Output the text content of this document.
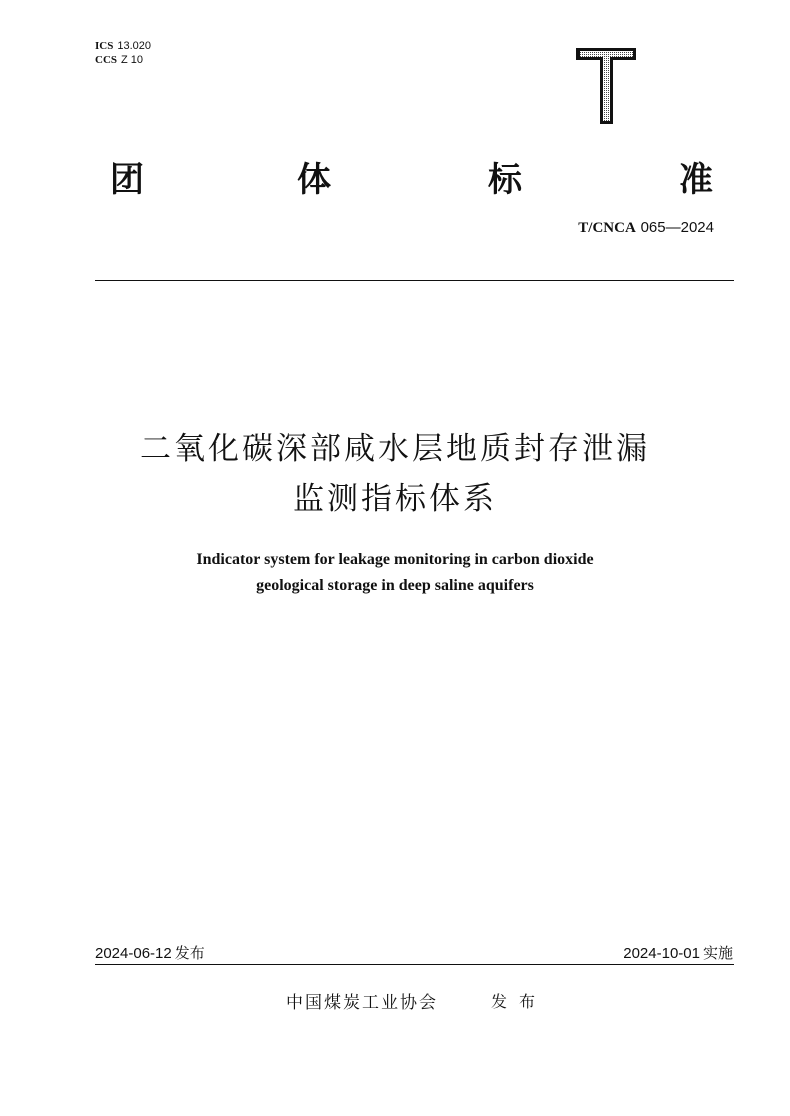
ICS 13.020
CCS Z 10
团	体	标	准
T/CNCA 065—2024
二氧化碳深部咸水层地质封存泄漏
监测指标体系
Indicator system for leakage monitoring in carbon dioxide
geological storage in deep saline aquifers
2024-06-12 发布	2024-10-01 实施
中国煤炭工业协会	发布
